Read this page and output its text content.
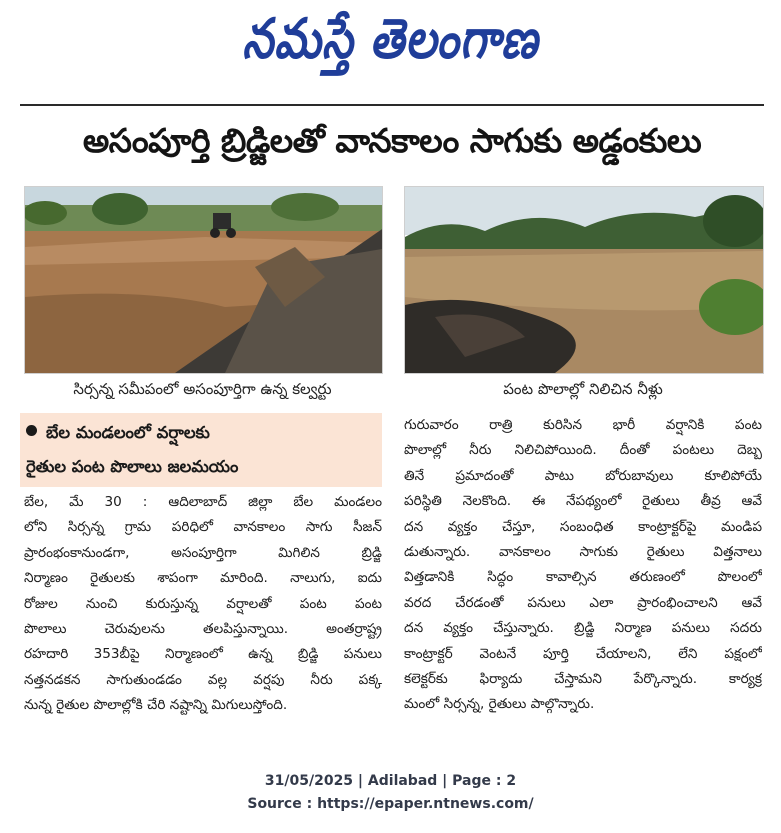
నమస్తే తెలంగాణ
అసంపూర్తి బ్రిడ్జిలతో వానకాలం సాగుకు అడ్డంకులు
సిర్సన్న సమీపంలో అసంపూర్తిగా ఉన్న కల్వర్టు	పంట పొలాల్లో నిలిచిన నీళ్లు
బేల మండలంలో వర్షాలకు
రైతుల పంట పొలాలు జలమయం
బేల, మే 30 : ఆదిలాబాద్ జిల్లా బేల మండలం
లోని సిర్సన్న గ్రామ పరిధిలో వానకాలం సాగు సీజన్
ప్రారంభంకానుండగా, అసంపూర్తిగా మిగిలిన బ్రిడ్జి
నిర్మాణం రైతులకు శాపంగా మారింది. నాలుగు, ఐదు
రోజుల నుంచి కురుస్తున్న వర్షాలతో పంట పంట
పొలాలు చెరువులను తలపిస్తున్నాయి. అంతర్రాష్ట్ర
రహదారి 353బీపై నిర్మాణంలో ఉన్న బ్రిడ్జి పనులు
నత్తనడకన సాగుతుండడం వల్ల వర్షపు నీరు పక్క
నున్న రైతుల పొలాల్లోకి చేరి నష్టాన్ని మిగులుస్తోంది.
గురువారం రాత్రి కురిసిన భారీ వర్షానికి పంట
పొలాల్లో నీరు నిలిచిపోయింది. దీంతో పంటలు దెబ్బ
తినే ప్రమాదంతో పాటు బోరుబావులు కూలిపోయే
పరిస్థితి నెలకొంది. ఈ నేపథ్యంలో రైతులు తీవ్ర ఆవే
దన వ్యక్తం చేస్తూ, సంబంధిత కాంట్రాక్టర్‌పై మండిప
డుతున్నారు. వానకాలం సాగుకు రైతులు విత్తనాలు
విత్తడానికి సిద్ధం కావాల్సిన తరుణంలో పొలంలో
వరద చేరడంతో పనులు ఎలా ప్రారంభించాలని ఆవే
దన వ్యక్తం చేస్తున్నారు. బ్రిడ్జి నిర్మాణ పనులు సదరు
కాంట్రాక్టర్ వెంటనే పూర్తి చేయాలని, లేని పక్షంలో
కలెక్టర్‌కు ఫిర్యాదు చేస్తామని పేర్కొన్నారు. కార్యక్ర
మంలో సిర్సన్న, రైతులు పాల్గొన్నారు.
31/05/2025 | Adilabad | Page : 2
Source : https://epaper.ntnews.com/
